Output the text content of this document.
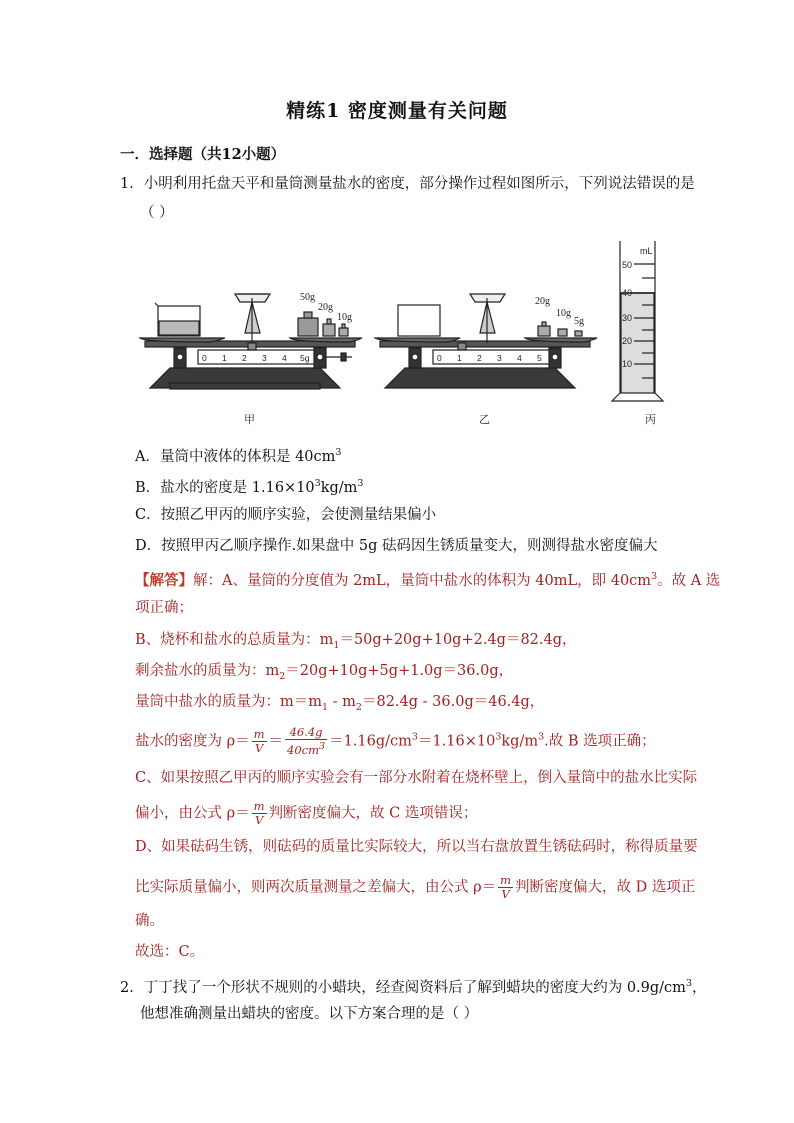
精练1 密度测量有关问题
一．选择题（共12小题）
1．小明利用托盘天平和量筒测量盐水的密度，部分操作过程如图所示，下列说法错误的是
（ ）
0 1 2 3 4 5g
50g
20g
10g
甲
0 1 2 3 4 5
20g
10g
5g
乙
mL
50
40
30
20
10
丙
A．量筒中液体的体积是 $40cm^3$
B．盐水的密度是 $1.16\times 10^3kg/m^3$
C．按照乙甲丙的顺序实验，会使测量结果偏小
D．按照甲丙乙顺序操作.如果盘中 5g 砝码因生锈质量变大，则测得盐水密度偏大
【解答】解：A、量筒的分度值为 2mL，量筒中盐水的体积为 40mL，即 $40cm^3$。故 A 选
项正确；
B、烧杯和盐水的总质量为：$m_1=50g+20g+10g+2.4g=82.4g$，
剩余盐水的质量为：$m_2=20g+10g+5g+1.0g=36.0g$，
量筒中盐水的质量为：$m=m_1 - m_2=82.4g - 36.0g=46.4g$，
盐水的密度为 $\rho= \frac{m}{V} = \frac{46.4g}{40cm^3} =1.16g/cm^3=1.16\times 10^3kg/m^3$.故 B 选项正确；
C、如果按照乙甲丙的顺序实验会有一部分水附着在烧杯壁上，倒入量筒中的盐水比实际
偏小，由公式 $\rho= \frac{m}{V}$ 判断密度偏大，故 C 选项错误；
D、如果砝码生锈，则砝码的质量比实际较大，所以当右盘放置生锈砝码时，称得质量要
比实际质量偏小，则两次质量测量之差偏大，由公式 $\rho= \frac{m}{V}$ 判断密度偏大，故 D 选项正
确。
故选：C。
2．丁丁找了一个形状不规则的小蜡块，经查阅资料后了解到蜡块的密度大约为 $0.9g/cm^3$，
他想准确测量出蜡块的密度。以下方案合理的是（ ）
